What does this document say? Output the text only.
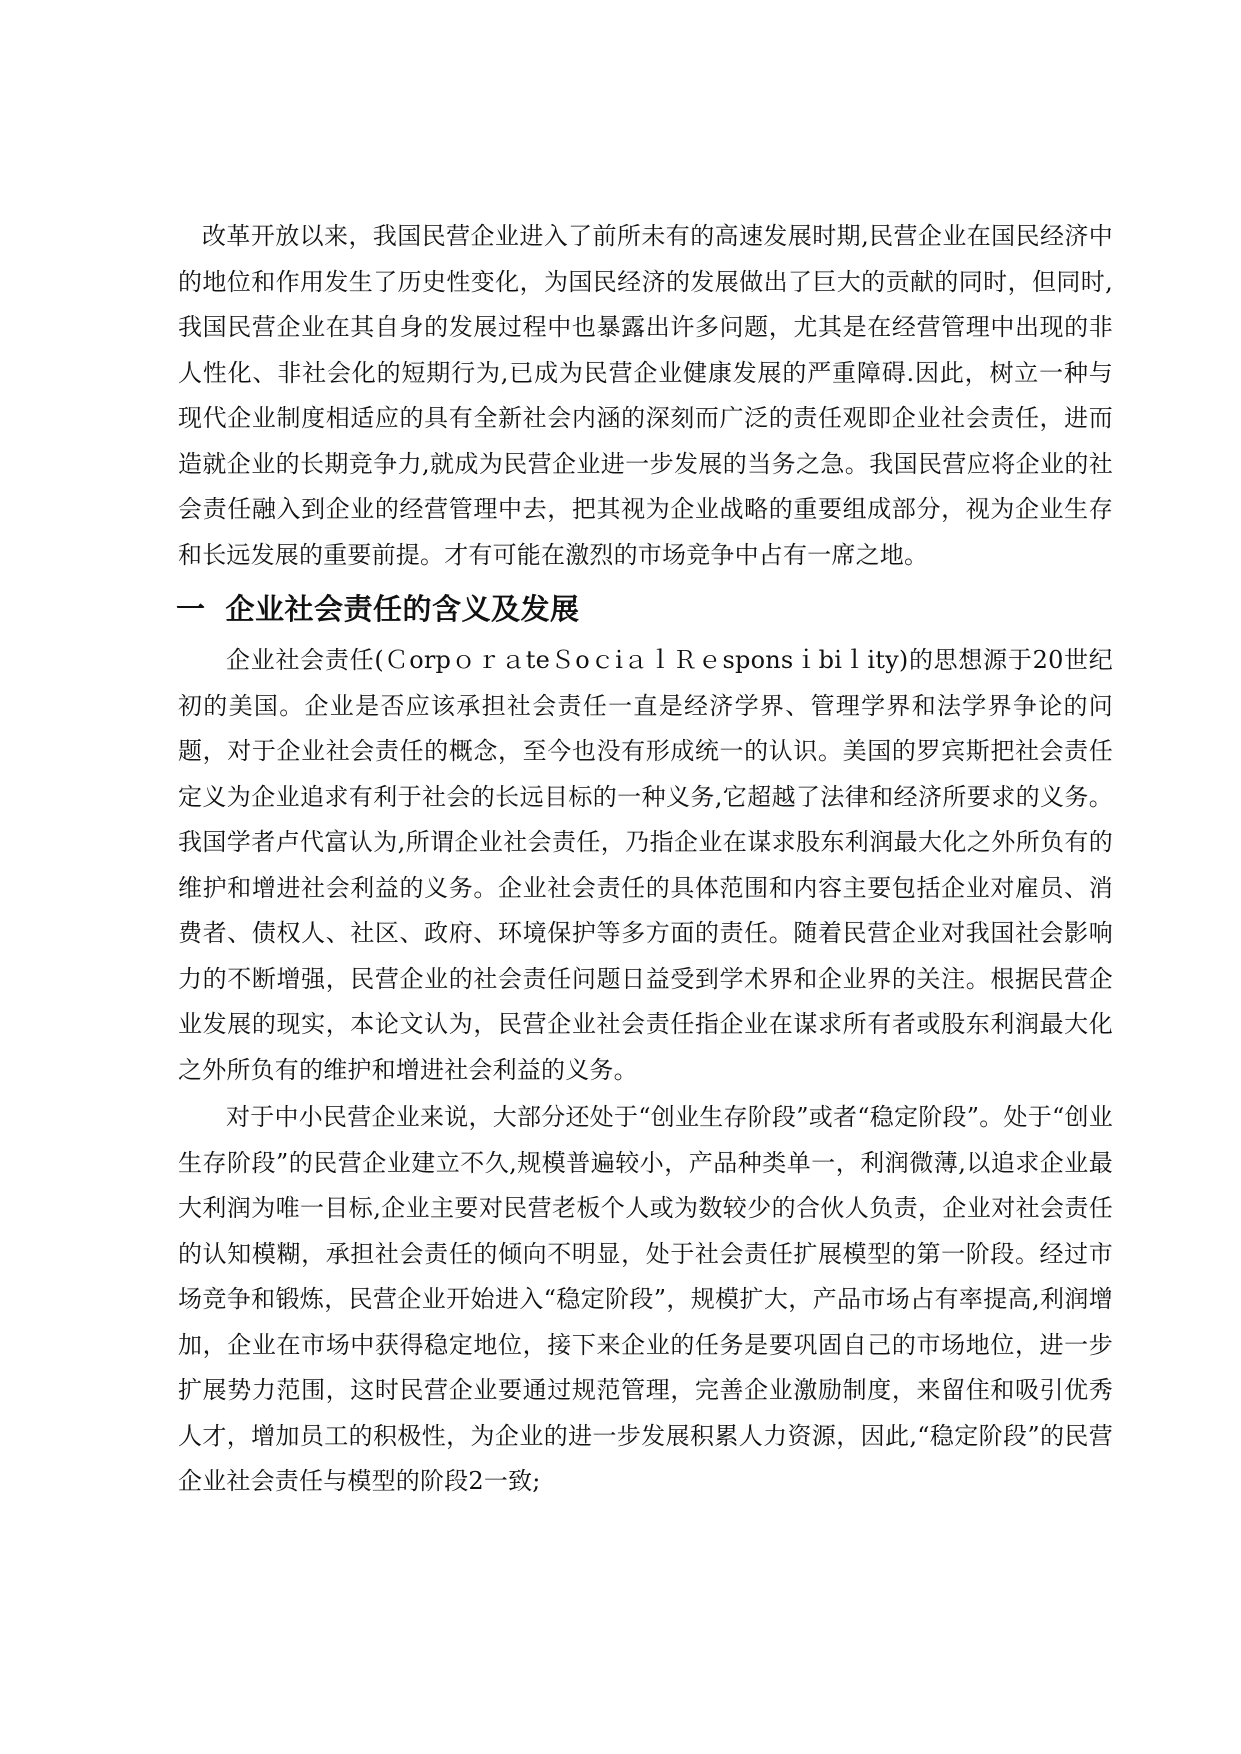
改革开放以来，我国民营企业进入了前所未有的高速发展时期,民营企业在国民经济中的地位和作用发生了历史性变化，为国民经济的发展做出了巨大的贡献的同时，但同时,我国民营企业在其自身的发展过程中也暴露出许多问题，尤其是在经营管理中出现的非人性化、非社会化的短期行为,已成为民营企业健康发展的严重障碍.因此，树立一种与现代企业制度相适应的具有全新社会内涵的深刻而广泛的责任观即企业社会责任，进而造就企业的长期竞争力,就成为民营企业进一步发展的当务之急。我国民营应将企业的社会责任融入到企业的经营管理中去，把其视为企业战略的重要组成部分，视为企业生存和长远发展的重要前提。才有可能在激烈的市场竞争中占有一席之地。

一 企业社会责任的含义及发展

企业社会责任(ＣorpｏｒａteＳoｃiａｌＲｅsponsｉbiｌity)的思想源于20世纪初的美国。企业是否应该承担社会责任一直是经济学界、管理学界和法学界争论的问题，对于企业社会责任的概念，至今也没有形成统一的认识。美国的罗宾斯把社会责任定义为企业追求有利于社会的长远目标的一种义务,它超越了法律和经济所要求的义务。我国学者卢代富认为,所谓企业社会责任，乃指企业在谋求股东利润最大化之外所负有的维护和增进社会利益的义务。企业社会责任的具体范围和内容主要包括企业对雇员、消费者、债权人、社区、政府、环境保护等多方面的责任。随着民营企业对我国社会影响力的不断增强，民营企业的社会责任问题日益受到学术界和企业界的关注。根据民营企业发展的现实，本论文认为，民营企业社会责任指企业在谋求所有者或股东利润最大化之外所负有的维护和增进社会利益的义务。

对于中小民营企业来说，大部分还处于“创业生存阶段”或者“稳定阶段”。处于“创业生存阶段”的民营企业建立不久,规模普遍较小，产品种类单一，利润微薄,以追求企业最大利润为唯一目标,企业主要对民营老板个人或为数较少的合伙人负责，企业对社会责任的认知模糊，承担社会责任的倾向不明显，处于社会责任扩展模型的第一阶段。经过市场竞争和锻炼，民营企业开始进入“稳定阶段”，规模扩大，产品市场占有率提高,利润增加，企业在市场中获得稳定地位，接下来企业的任务是要巩固自己的市场地位，进一步扩展势力范围，这时民营企业要通过规范管理，完善企业激励制度，来留住和吸引优秀人才，增加员工的积极性，为企业的进一步发展积累人力资源，因此,“稳定阶段”的民营企业社会责任与模型的阶段2一致;
